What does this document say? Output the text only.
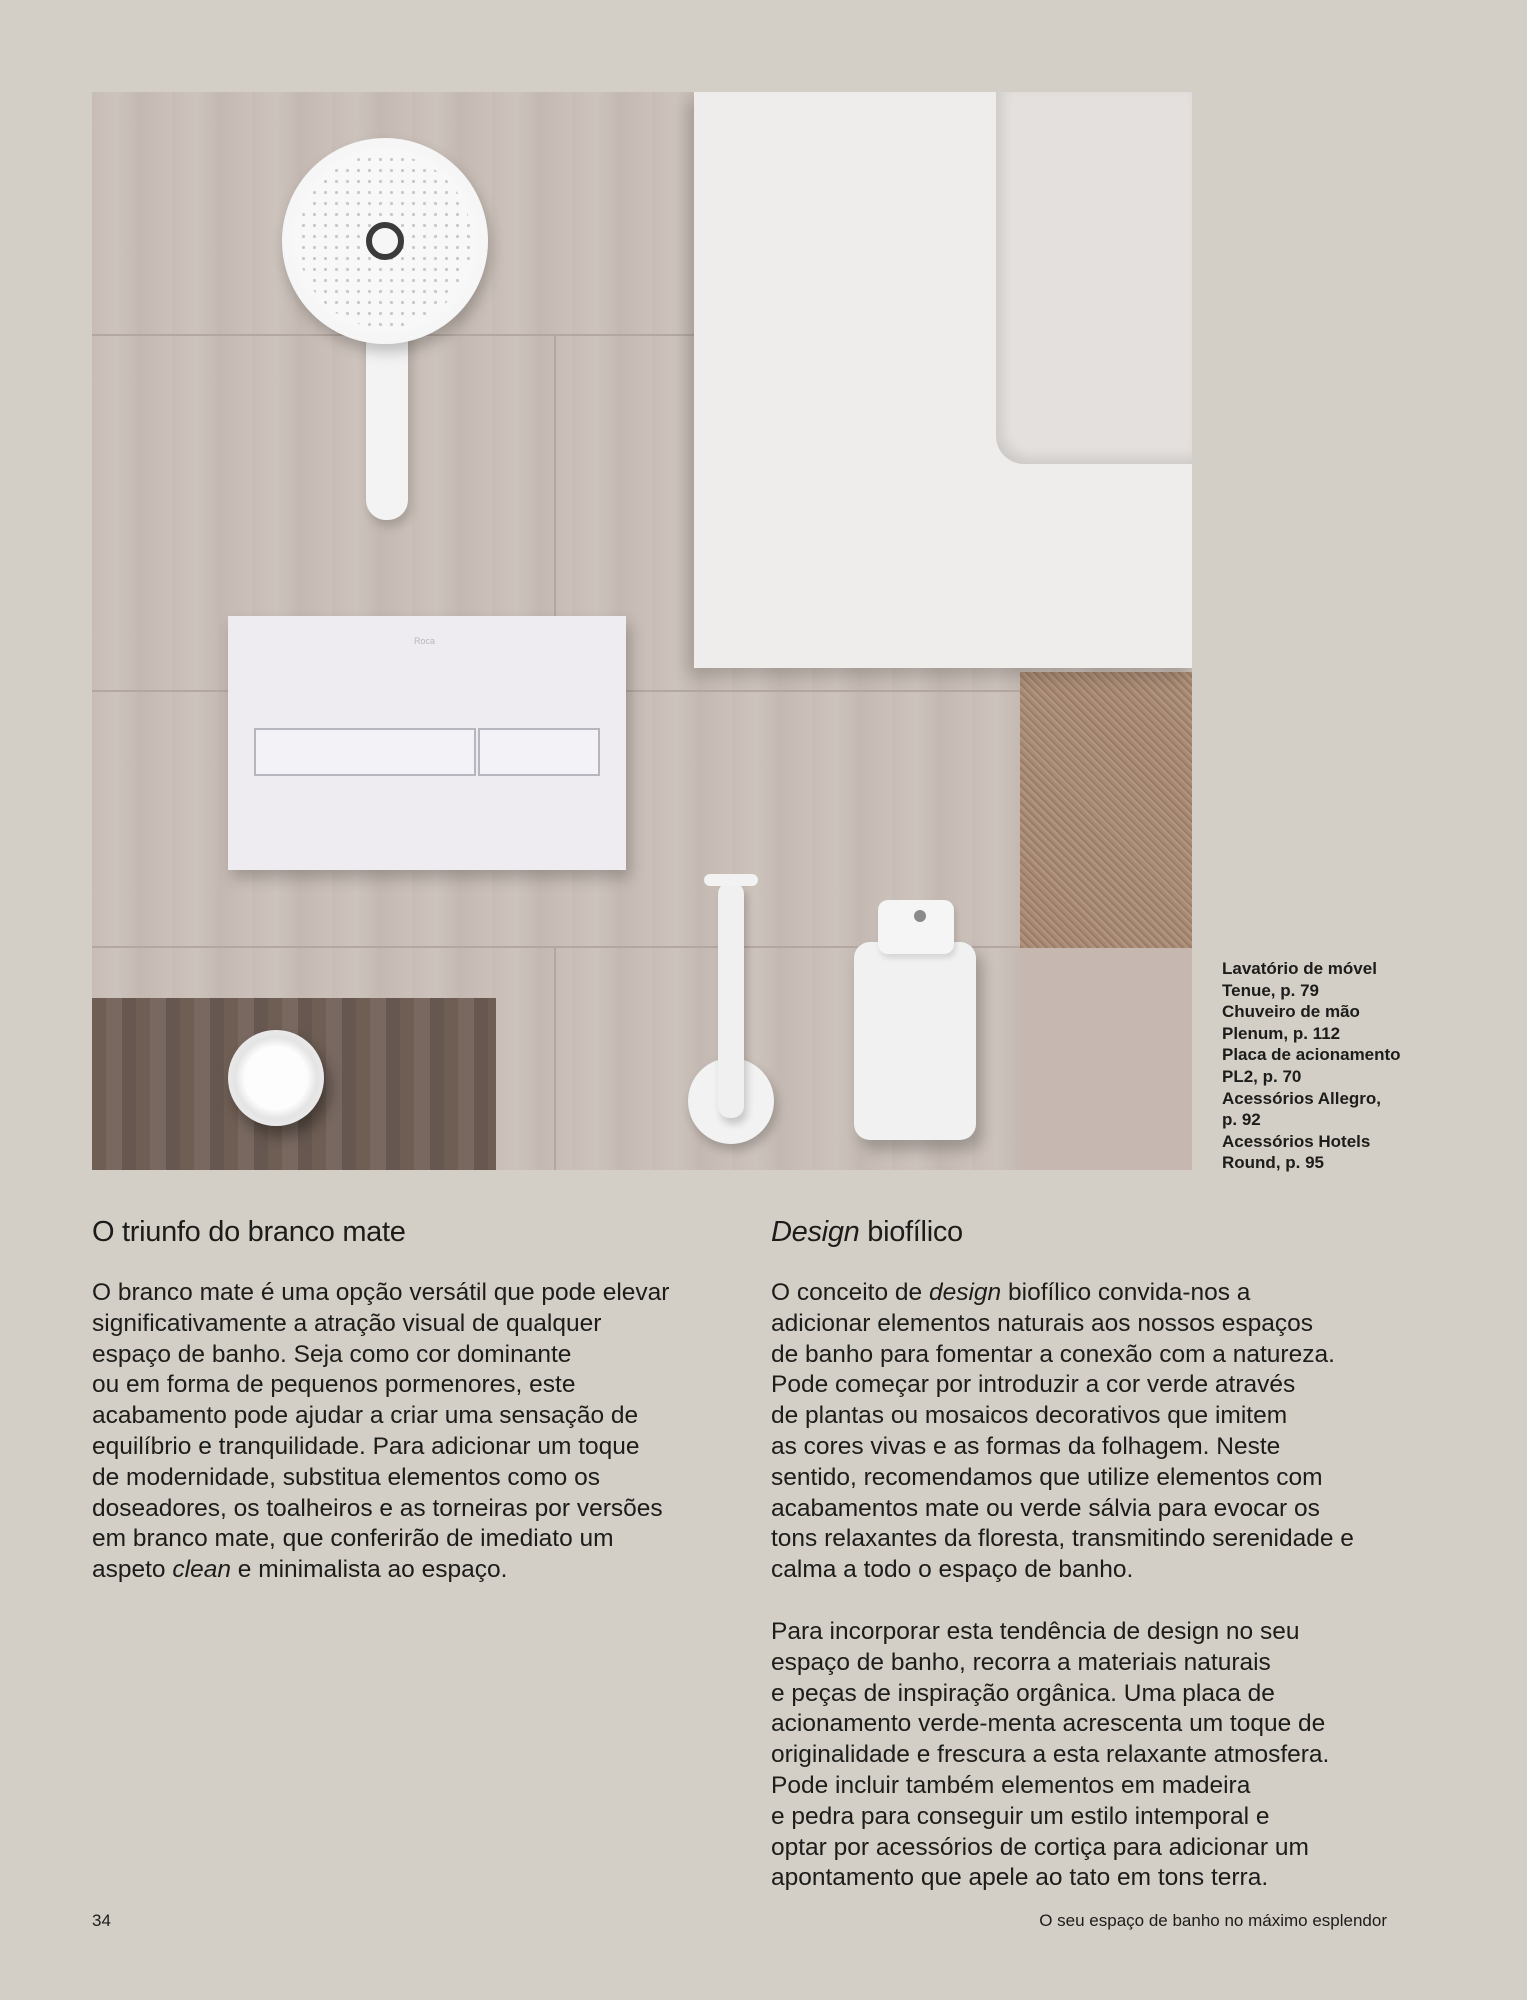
Roca
Lavatório de móvel
Tenue, p. 79
Chuveiro de mão
Plenum, p. 112
Placa de acionamento
PL2, p. 70
Acessórios Allegro,
p. 92
Acessórios Hotels
Round, p. 95
O triunfo do branco mate
O branco mate é uma opção versátil que pode elevar
significativamente a atração visual de qualquer
espaço de banho. Seja como cor dominante
ou em forma de pequenos pormenores, este
acabamento pode ajudar a criar uma sensação de
equilíbrio e tranquilidade. Para adicionar um toque
de modernidade, substitua elementos como os
doseadores, os toalheiros e as torneiras por versões
em branco mate, que conferirão de imediato um
aspeto clean e minimalista ao espaço.
Design biofílico
O conceito de design biofílico convida-nos a
adicionar elementos naturais aos nossos espaços
de banho para fomentar a conexão com a natureza.
Pode começar por introduzir a cor verde através
de plantas ou mosaicos decorativos que imitem
as cores vivas e as formas da folhagem. Neste
sentido, recomendamos que utilize elementos com
acabamentos mate ou verde sálvia para evocar os
tons relaxantes da floresta, transmitindo serenidade e
calma a todo o espaço de banho.
Para incorporar esta tendência de design no seu
espaço de banho, recorra a materiais naturais
e peças de inspiração orgânica. Uma placa de
acionamento verde-menta acrescenta um toque de
originalidade e frescura a esta relaxante atmosfera.
Pode incluir também elementos em madeira
e pedra para conseguir um estilo intemporal e
optar por acessórios de cortiça para adicionar um
apontamento que apele ao tato em tons terra.
34	O seu espaço de banho no máximo esplendor
